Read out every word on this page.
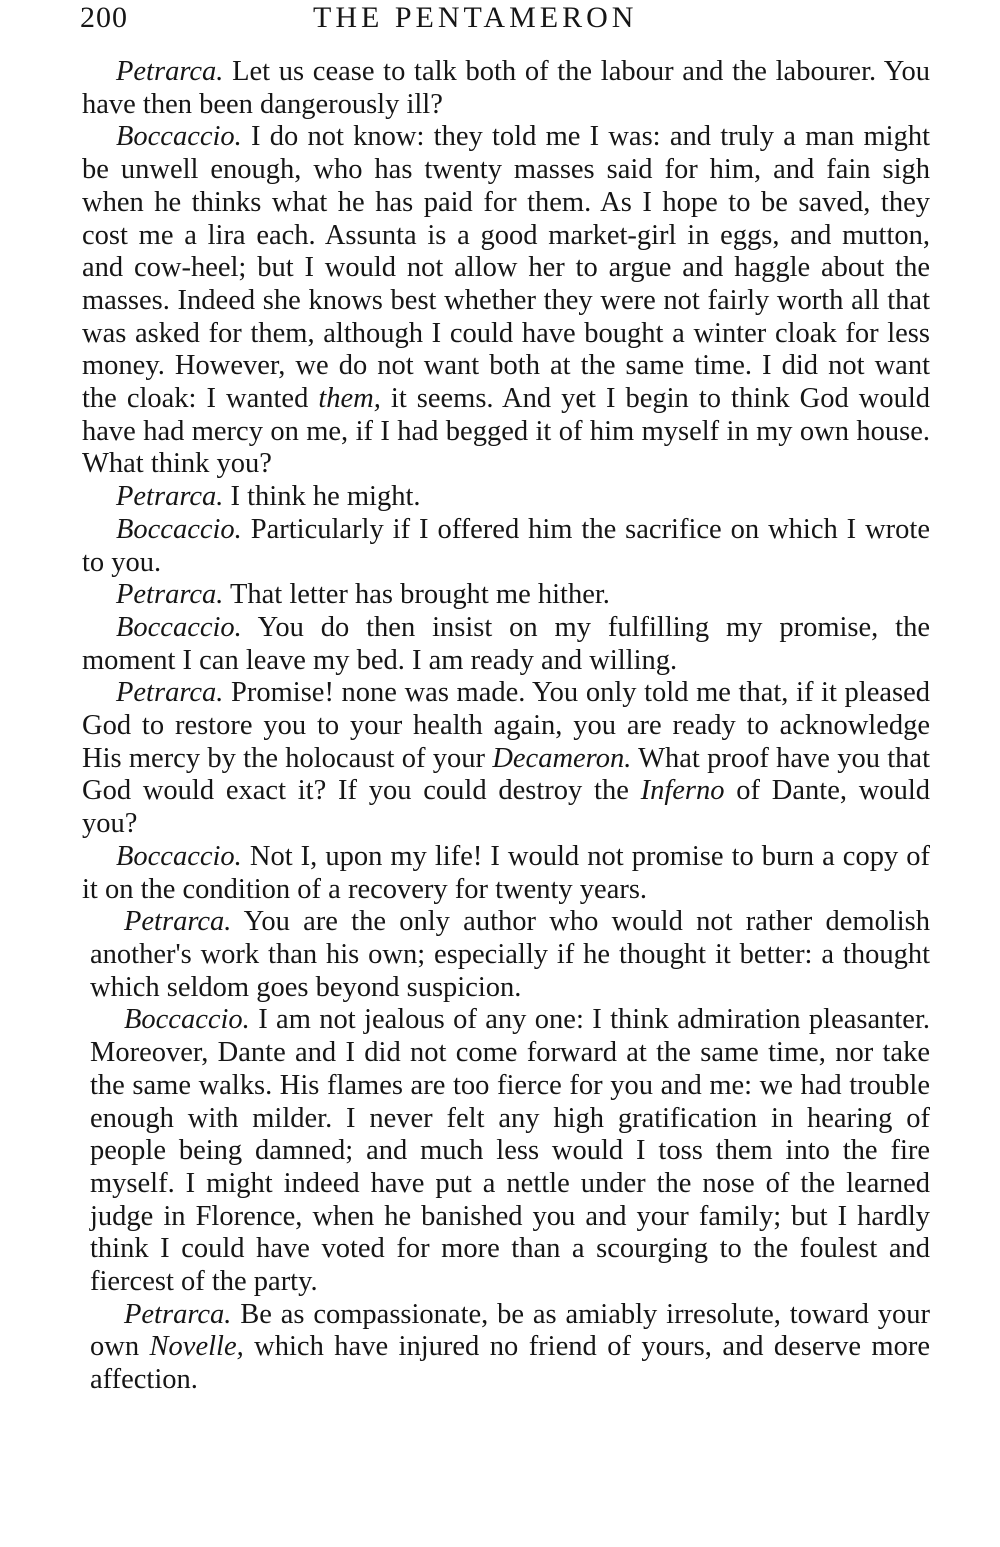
200	THE PENTAMERON

Petrarca. Let us cease to talk both of the labour and the labourer. You have then been dangerously ill?

Boccaccio. I do not know: they told me I was: and truly a man might be unwell enough, who has twenty masses said for him, and fain sigh when he thinks what he has paid for them. As I hope to be saved, they cost me a lira each. Assunta is a good market-girl in eggs, and mutton, and cow-heel; but I would not allow her to argue and haggle about the masses. Indeed she knows best whether they were not fairly worth all that was asked for them, although I could have bought a winter cloak for less money. However, we do not want both at the same time. I did not want the cloak: I wanted them, it seems. And yet I begin to think God would have had mercy on me, if I had begged it of him myself in my own house. What think you?

Petrarca. I think he might.

Boccaccio. Particularly if I offered him the sacrifice on which I wrote to you.

Petrarca. That letter has brought me hither.

Boccaccio. You do then insist on my fulfilling my promise, the moment I can leave my bed. I am ready and willing.

Petrarca. Promise! none was made. You only told me that, if it pleased God to restore you to your health again, you are ready to acknowledge His mercy by the holocaust of your Decameron. What proof have you that God would exact it? If you could destroy the Inferno of Dante, would you?

Boccaccio. Not I, upon my life! I would not promise to burn a copy of it on the condition of a recovery for twenty years.

Petrarca. You are the only author who would not rather demolish another's work than his own; especially if he thought it better: a thought which seldom goes beyond suspicion.

Boccaccio. I am not jealous of any one: I think admiration pleasanter. Moreover, Dante and I did not come forward at the same time, nor take the same walks. His flames are too fierce for you and me: we had trouble enough with milder. I never felt any high gratification in hearing of people being damned; and much less would I toss them into the fire myself. I might indeed have put a nettle under the nose of the learned judge in Florence, when he banished you and your family; but I hardly think I could have voted for more than a scourging to the foulest and fiercest of the party.

Petrarca. Be as compassionate, be as amiably irresolute, toward your own Novelle, which have injured no friend of yours, and deserve more affection.
